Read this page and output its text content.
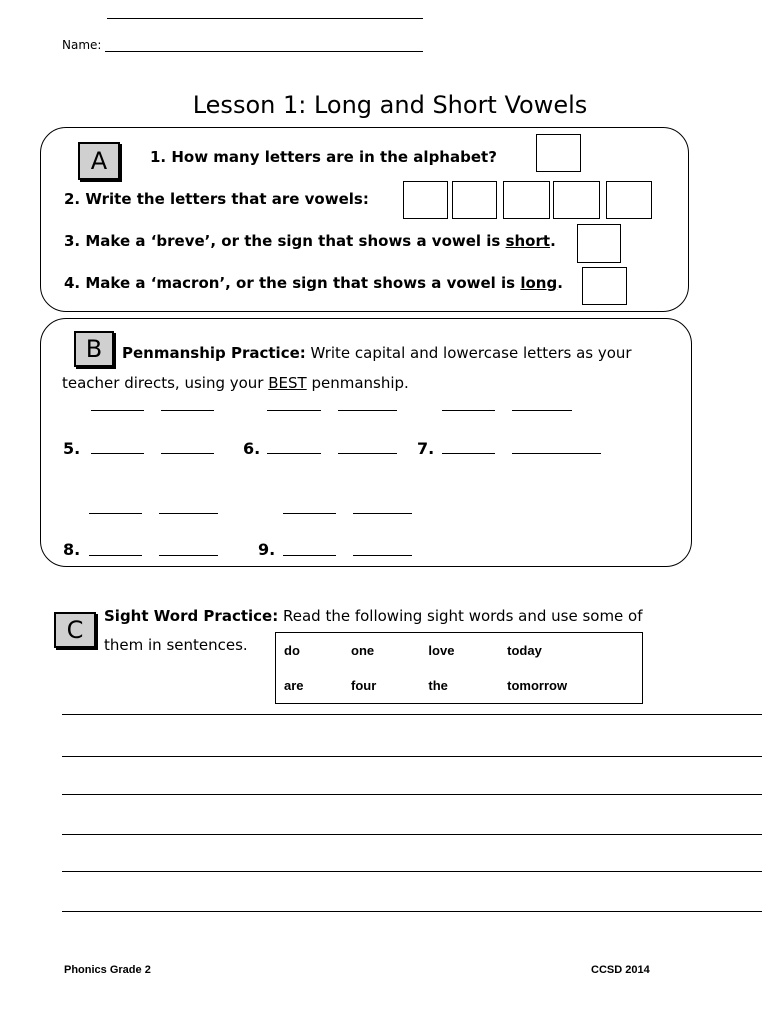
Name:
Lesson 1: Long and Short Vowels
A	1. How many letters are in the alphabet?
2. Write the letters that are vowels:
3. Make a ‘breve’, or the sign that shows a vowel is short.
4. Make a ‘macron’, or the sign that shows a vowel is long.
B	Penmanship Practice: Write capital and lowercase letters as your
teacher directs, using your BEST penmanship.
5.	6.	7.
8.	9.
C	Sight Word Practice: Read the following sight words and use some of
them in sentences.	do	one	love	today
are	four	the	tomorrow
Phonics Grade 2	CCSD 2014
